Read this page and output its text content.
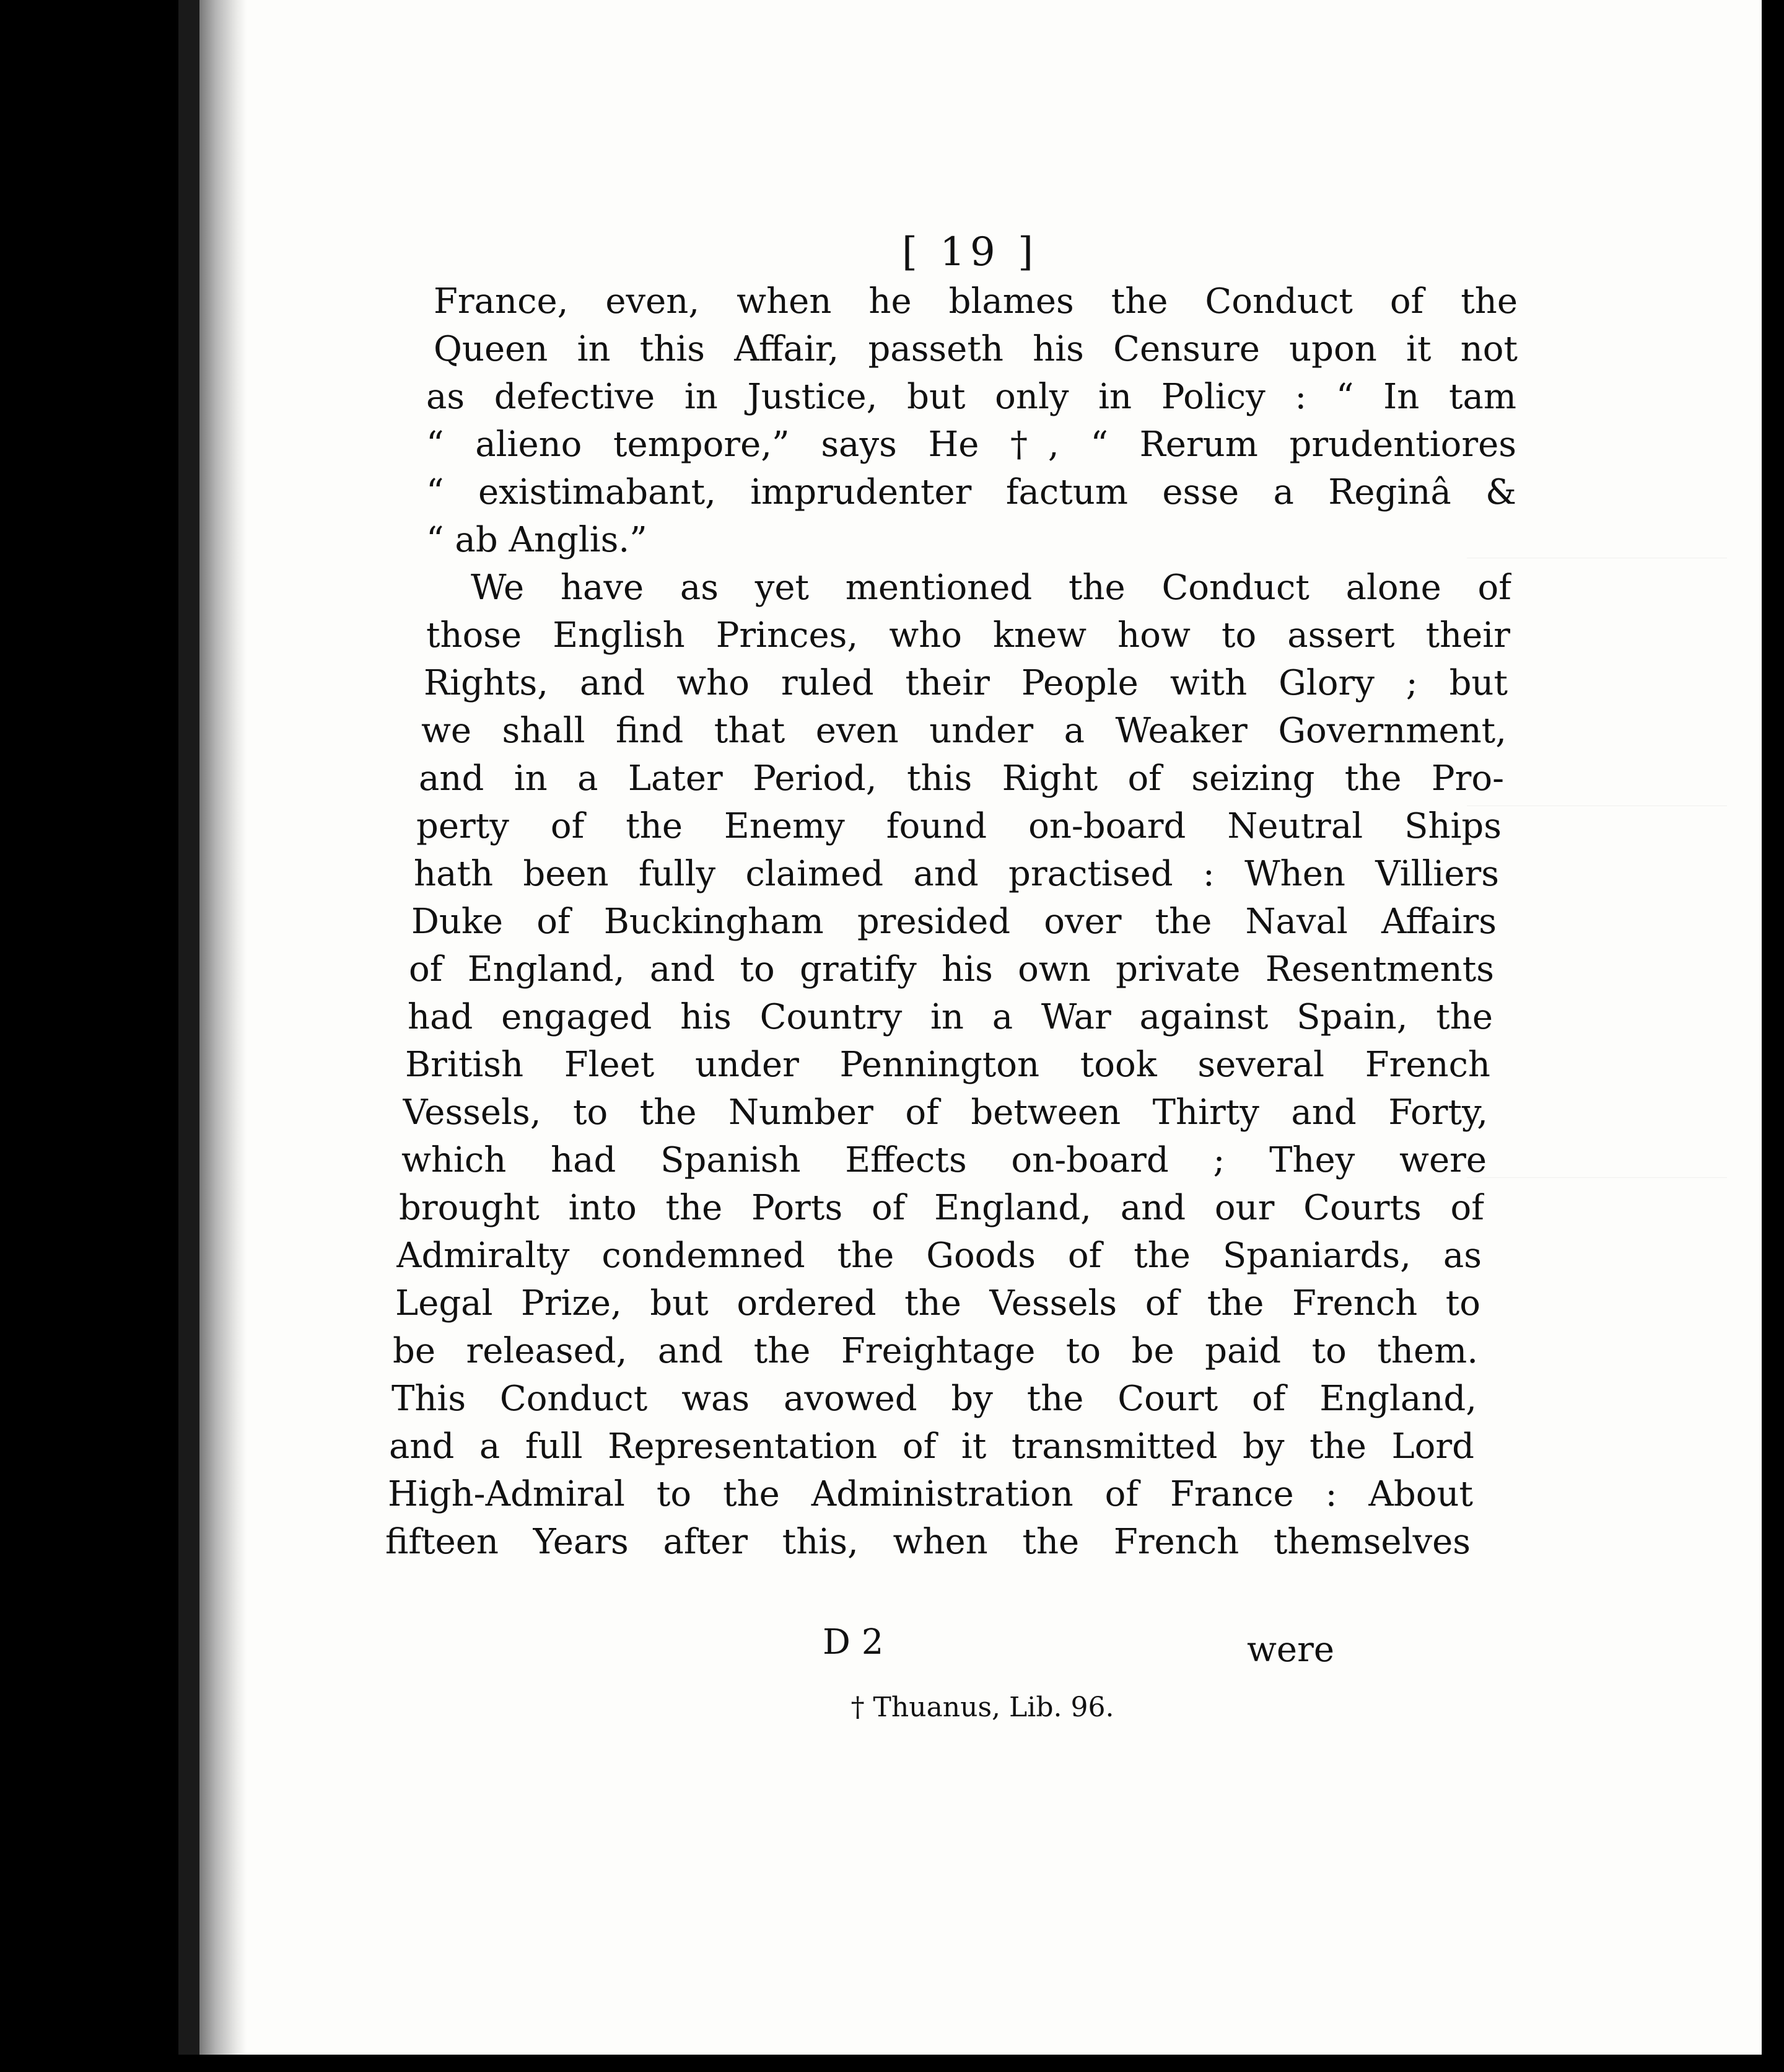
[ 19 ]
France, even, when he blames the Conduct of the
Queen in this Affair, passeth his Censure upon it not
as defective in Justice, but only in Policy : “ In tam
“ alieno tempore,” says He †, “ Rerum prudentiores
“ existimabant, imprudenter factum esse a Reginâ &
“ ab Anglis.”
We have as yet mentioned the Conduct alone of
those English Princes, who knew how to assert their
Rights, and who ruled their People with Glory ; but
we shall find that even under a Weaker Government,
and in a Later Period, this Right of seizing the Pro-
perty of the Enemy found on-board Neutral Ships
hath been fully claimed and practised : When Villiers
Duke of Buckingham presided over the Naval Affairs
of England, and to gratify his own private Resentments
had engaged his Country in a War against Spain, the
British Fleet under Pennington took several French
Vessels, to the Number of between Thirty and Forty,
which had Spanish Effects on-board ; They were
brought into the Ports of England, and our Courts of
Admiralty condemned the Goods of the Spaniards, as
Legal Prize, but ordered the Vessels of the French to
be released, and the Freightage to be paid to them.
This Conduct was avowed by the Court of England,
and a full Representation of it transmitted by the Lord
High-Admiral to the Administration of France : About
fifteen Years after this, when the French themselves
D 2	were
† Thuanus, Lib. 96.
